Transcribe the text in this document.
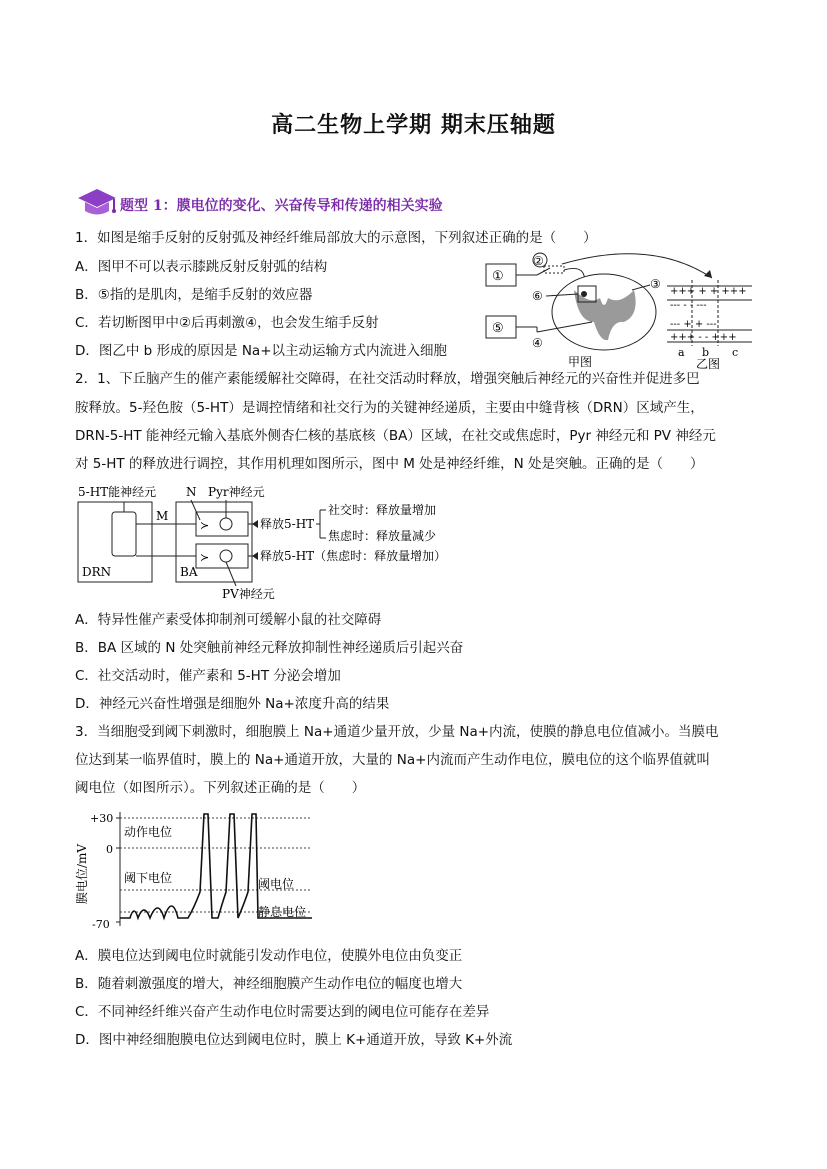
高二生物上学期 期末压轴题
题型 1：膜电位的变化、兴奋传导和传递的相关实验
1．如图是缩手反射的反射弧及神经纤维局部放大的示意图，下列叙述正确的是（　　）
A．图甲不可以表示膝跳反射反射弧的结构
B．⑤指的是肌肉，是缩手反射的效应器
C．若切断图甲中②后再刺激④，也会发生缩手反射
D．图乙中 b 形成的原因是 Na+以主动运输方式内流进入细胞
①
②
⑥
③
⑤
④
+++ + + +++
--- - - ---
--- + + ---
+++ - - +++
a b c
甲图	乙图
2．1、下丘脑产生的催产素能缓解社交障碍，在社交活动时释放，增强突触后神经元的兴奋性并促进多巴
胺释放。5-羟色胺（5-HT）是调控情绪和社交行为的关键神经递质，主要由中缝背核（DRN）区域产生，
DRN-5-HT 能神经元输入基底外侧杏仁核的基底核（BA）区域，在社交或焦虑时，Pyr 神经元和 PV 神经元
对 5-HT 的释放进行调控，其作用机理如图所示，图中 M 处是神经纤维，N 处是突触。正确的是（　　）
5-HT能神经元 N Pyr神经元
DRN
M
BA
≻
≻
释放5-HT
社交时：释放量增加
焦虑时：释放量减少
释放5-HT（焦虑时：释放量增加）
PV神经元
A．特异性催产素受体抑制剂可缓解小鼠的社交障碍
B．BA 区域的 N 处突触前神经元释放抑制性神经递质后引起兴奋
C．社交活动时，催产素和 5-HT 分泌会增加
D．神经元兴奋性增强是细胞外 Na+浓度升高的结果
3．当细胞受到阈下刺激时，细胞膜上 Na+通道少量开放，少量 Na+内流，使膜的静息电位值减小。当膜电
位达到某一临界值时，膜上的 Na+通道开放，大量的 Na+内流而产生动作电位，膜电位的这个临界值就叫
阈电位（如图所示）。下列叙述正确的是（　　）
膜电位/mV
+30
0
-70
动作电位
阈下电位	阈电位
静息电位
A．膜电位达到阈电位时就能引发动作电位，使膜外电位由负变正
B．随着刺激强度的增大，神经细胞膜产生动作电位的幅度也增大
C．不同神经纤维兴奋产生动作电位时需要达到的阈电位可能存在差异
D．图中神经细胞膜电位达到阈电位时，膜上 K+通道开放，导致 K+外流
